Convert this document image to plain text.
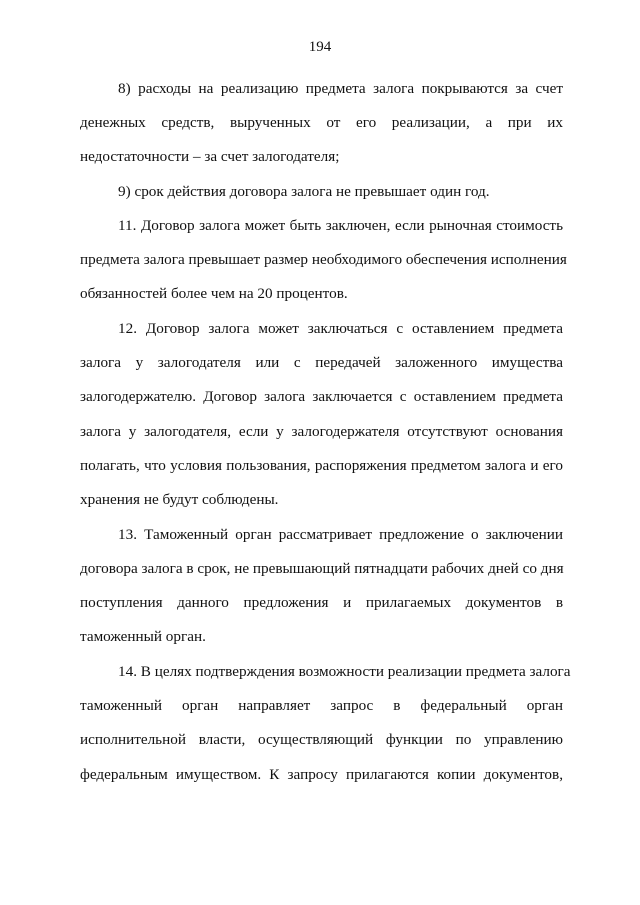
194
8) расходы на реализацию предмета залога покрываются за счет
денежных средств, вырученных от его реализации, а при их
недостаточности – за счет залогодателя;
9) срок действия договора залога не превышает один год.
11. Договор залога может быть заключен, если рыночная стоимость
предмета залога превышает размер необходимого обеспечения исполнения
обязанностей более чем на 20 процентов.
12. Договор залога может заключаться с оставлением предмета
залога у залогодателя или с передачей заложенного имущества
залогодержателю. Договор залога заключается с оставлением предмета
залога у залогодателя, если у залогодержателя отсутствуют основания
полагать, что условия пользования, распоряжения предметом залога и его
хранения не будут соблюдены.
13. Таможенный орган рассматривает предложение о заключении
договора залога в срок, не превышающий пятнадцати рабочих дней со дня
поступления данного предложения и прилагаемых документов в
таможенный орган.
14. В целях подтверждения возможности реализации предмета залога
таможенный орган направляет запрос в федеральный орган
исполнительной власти, осуществляющий функции по управлению
федеральным имуществом. К запросу прилагаются копии документов,
